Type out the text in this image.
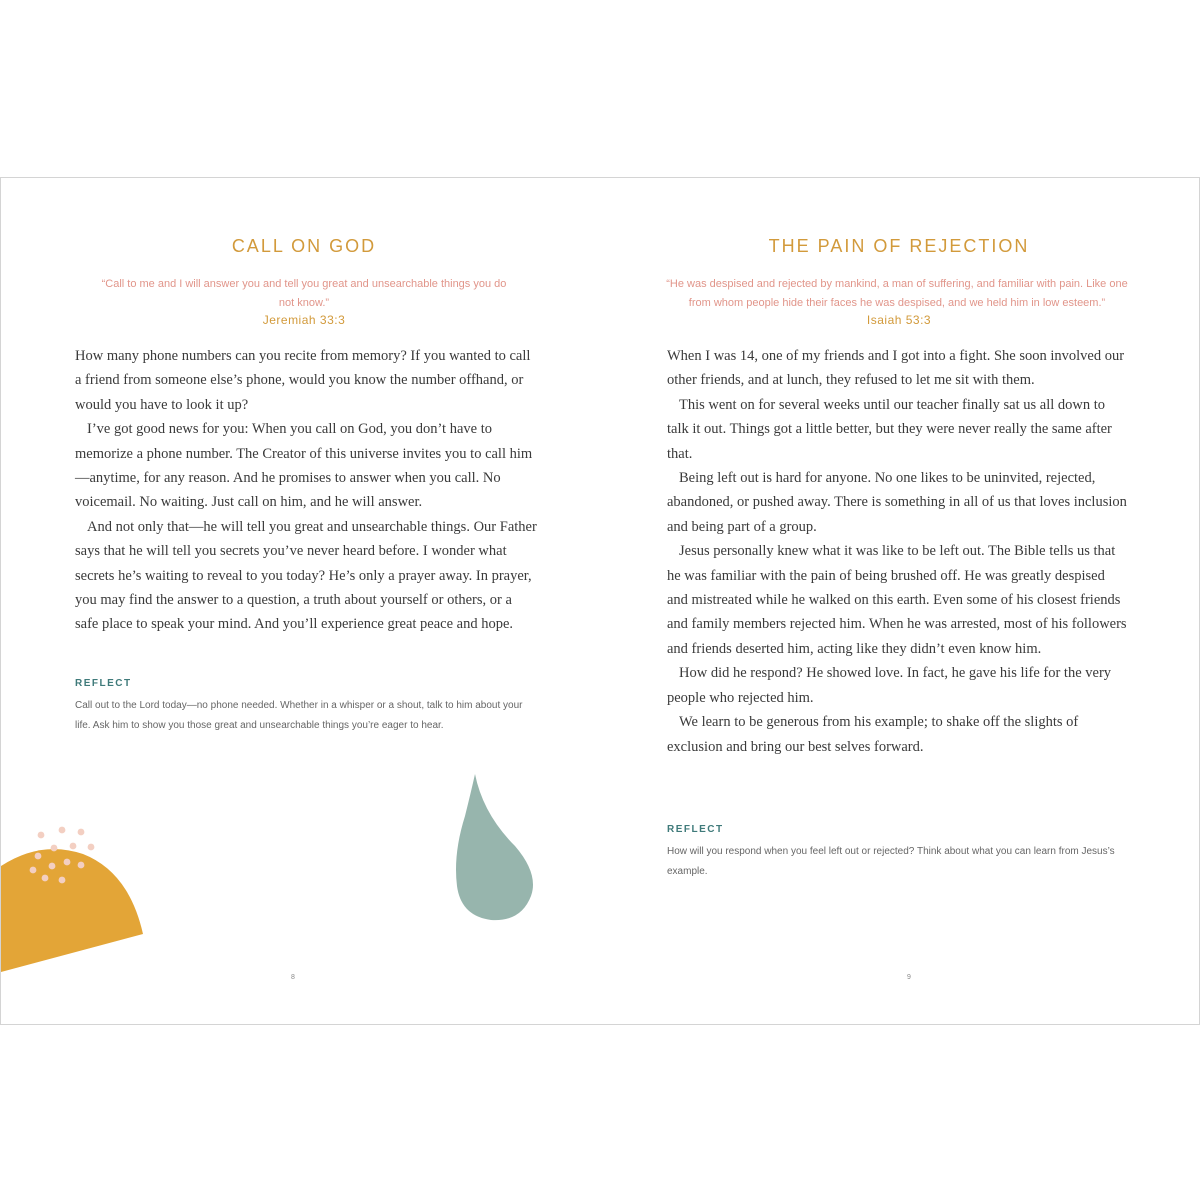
CALL ON GOD
“Call to me and I will answer you and tell you great and unsearchable things you do not know.”
Jeremiah 33:3

How many phone numbers can you recite from memory? If you wanted to call a friend from someone else’s phone, would you know the number offhand, or would you have to look it up?

I’ve got good news for you: When you call on God, you don’t have to memorize a phone number. The Creator of this universe invites you to call him—anytime, for any reason. And he promises to answer when you call. No voicemail. No waiting. Just call on him, and he will answer.

And not only that—he will tell you great and unsearchable things. Our Father says that he will tell you secrets you’ve never heard before. I wonder what secrets he’s waiting to reveal to you today? He’s only a prayer away. In prayer, you may find the answer to a question, a truth about yourself or others, or a safe place to speak your mind. And you’ll experience great peace and hope.

REFLECT
Call out to the Lord today—no phone needed. Whether in a whisper or a shout, talk to him about your life. Ask him to show you those great and unsearchable things you’re eager to hear.
8
THE PAIN OF REJECTION
“He was despised and rejected by mankind, a man of suffering, and familiar with pain. Like one from whom people hide their faces he was despised, and we held him in low esteem.”
Isaiah 53:3

When I was 14, one of my friends and I got into a fight. She soon involved our other friends, and at lunch, they refused to let me sit with them.

This went on for several weeks until our teacher finally sat us all down to talk it out. Things got a little better, but they were never really the same after that.

Being left out is hard for anyone. No one likes to be uninvited, rejected, abandoned, or pushed away. There is something in all of us that loves inclusion and being part of a group.

Jesus personally knew what it was like to be left out. The Bible tells us that he was familiar with the pain of being brushed off. He was greatly despised and mistreated while he walked on this earth. Even some of his closest friends and family members rejected him. When he was arrested, most of his followers and friends deserted him, acting like they didn’t even know him.

How did he respond? He showed love. In fact, he gave his life for the very people who rejected him.

We learn to be generous from his example; to shake off the slights of exclusion and bring our best selves forward.

REFLECT
How will you respond when you feel left out or rejected? Think about what you can learn from Jesus’s example.
9
